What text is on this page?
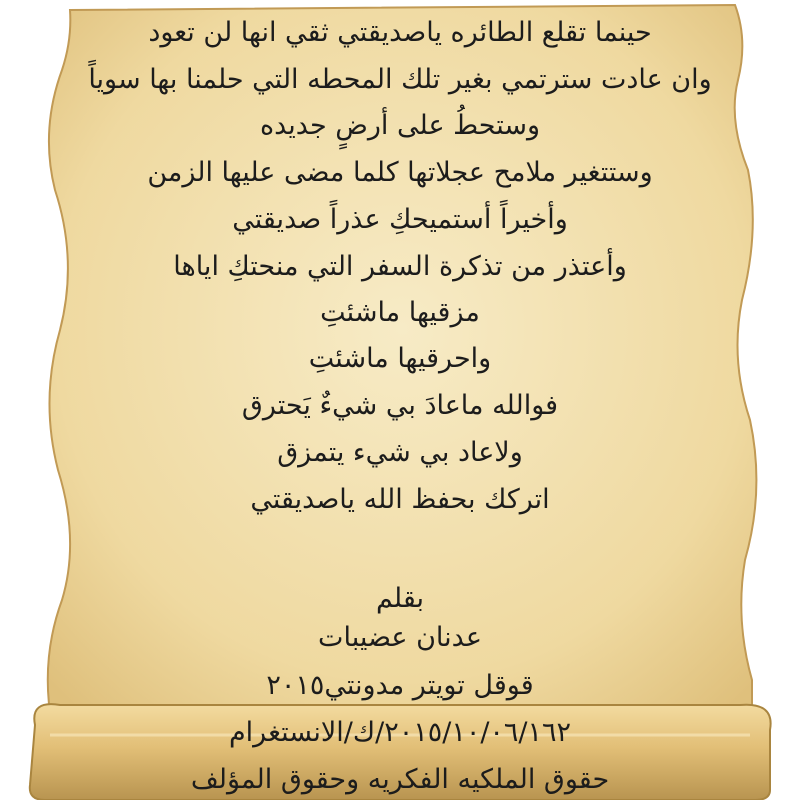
حينما تقلع الطائره ياصديقتي ثقي انها لن تعود
وان عادت سترتمي بغير تلك المحطه التي حلمنا بها سوياً
وستحطُ على أرضٍ جديده
وستتغير ملامح عجلاتها كلما مضى عليها الزمن
وأخيراً أستميحكِ عذراً صديقتي
وأعتذر من تذكرة السفر التي منحتكِ اياها
مزقيها ماشئتِ
واحرقيها ماشئتِ
فوالله ماعادَ بي شيءٌ يَحترق
ولاعاد بي شيء يتمزق
اتركك بحفظ الله ياصديقتي
بقلم
عدنان عضيبات
قوقل تويتر مدونتي٢٠١٥
٢٠١٥/١٠/٠٦/١٦٢/ك/الانستغرام
حقوق الملكيه الفكريه وحقوق المؤلف
